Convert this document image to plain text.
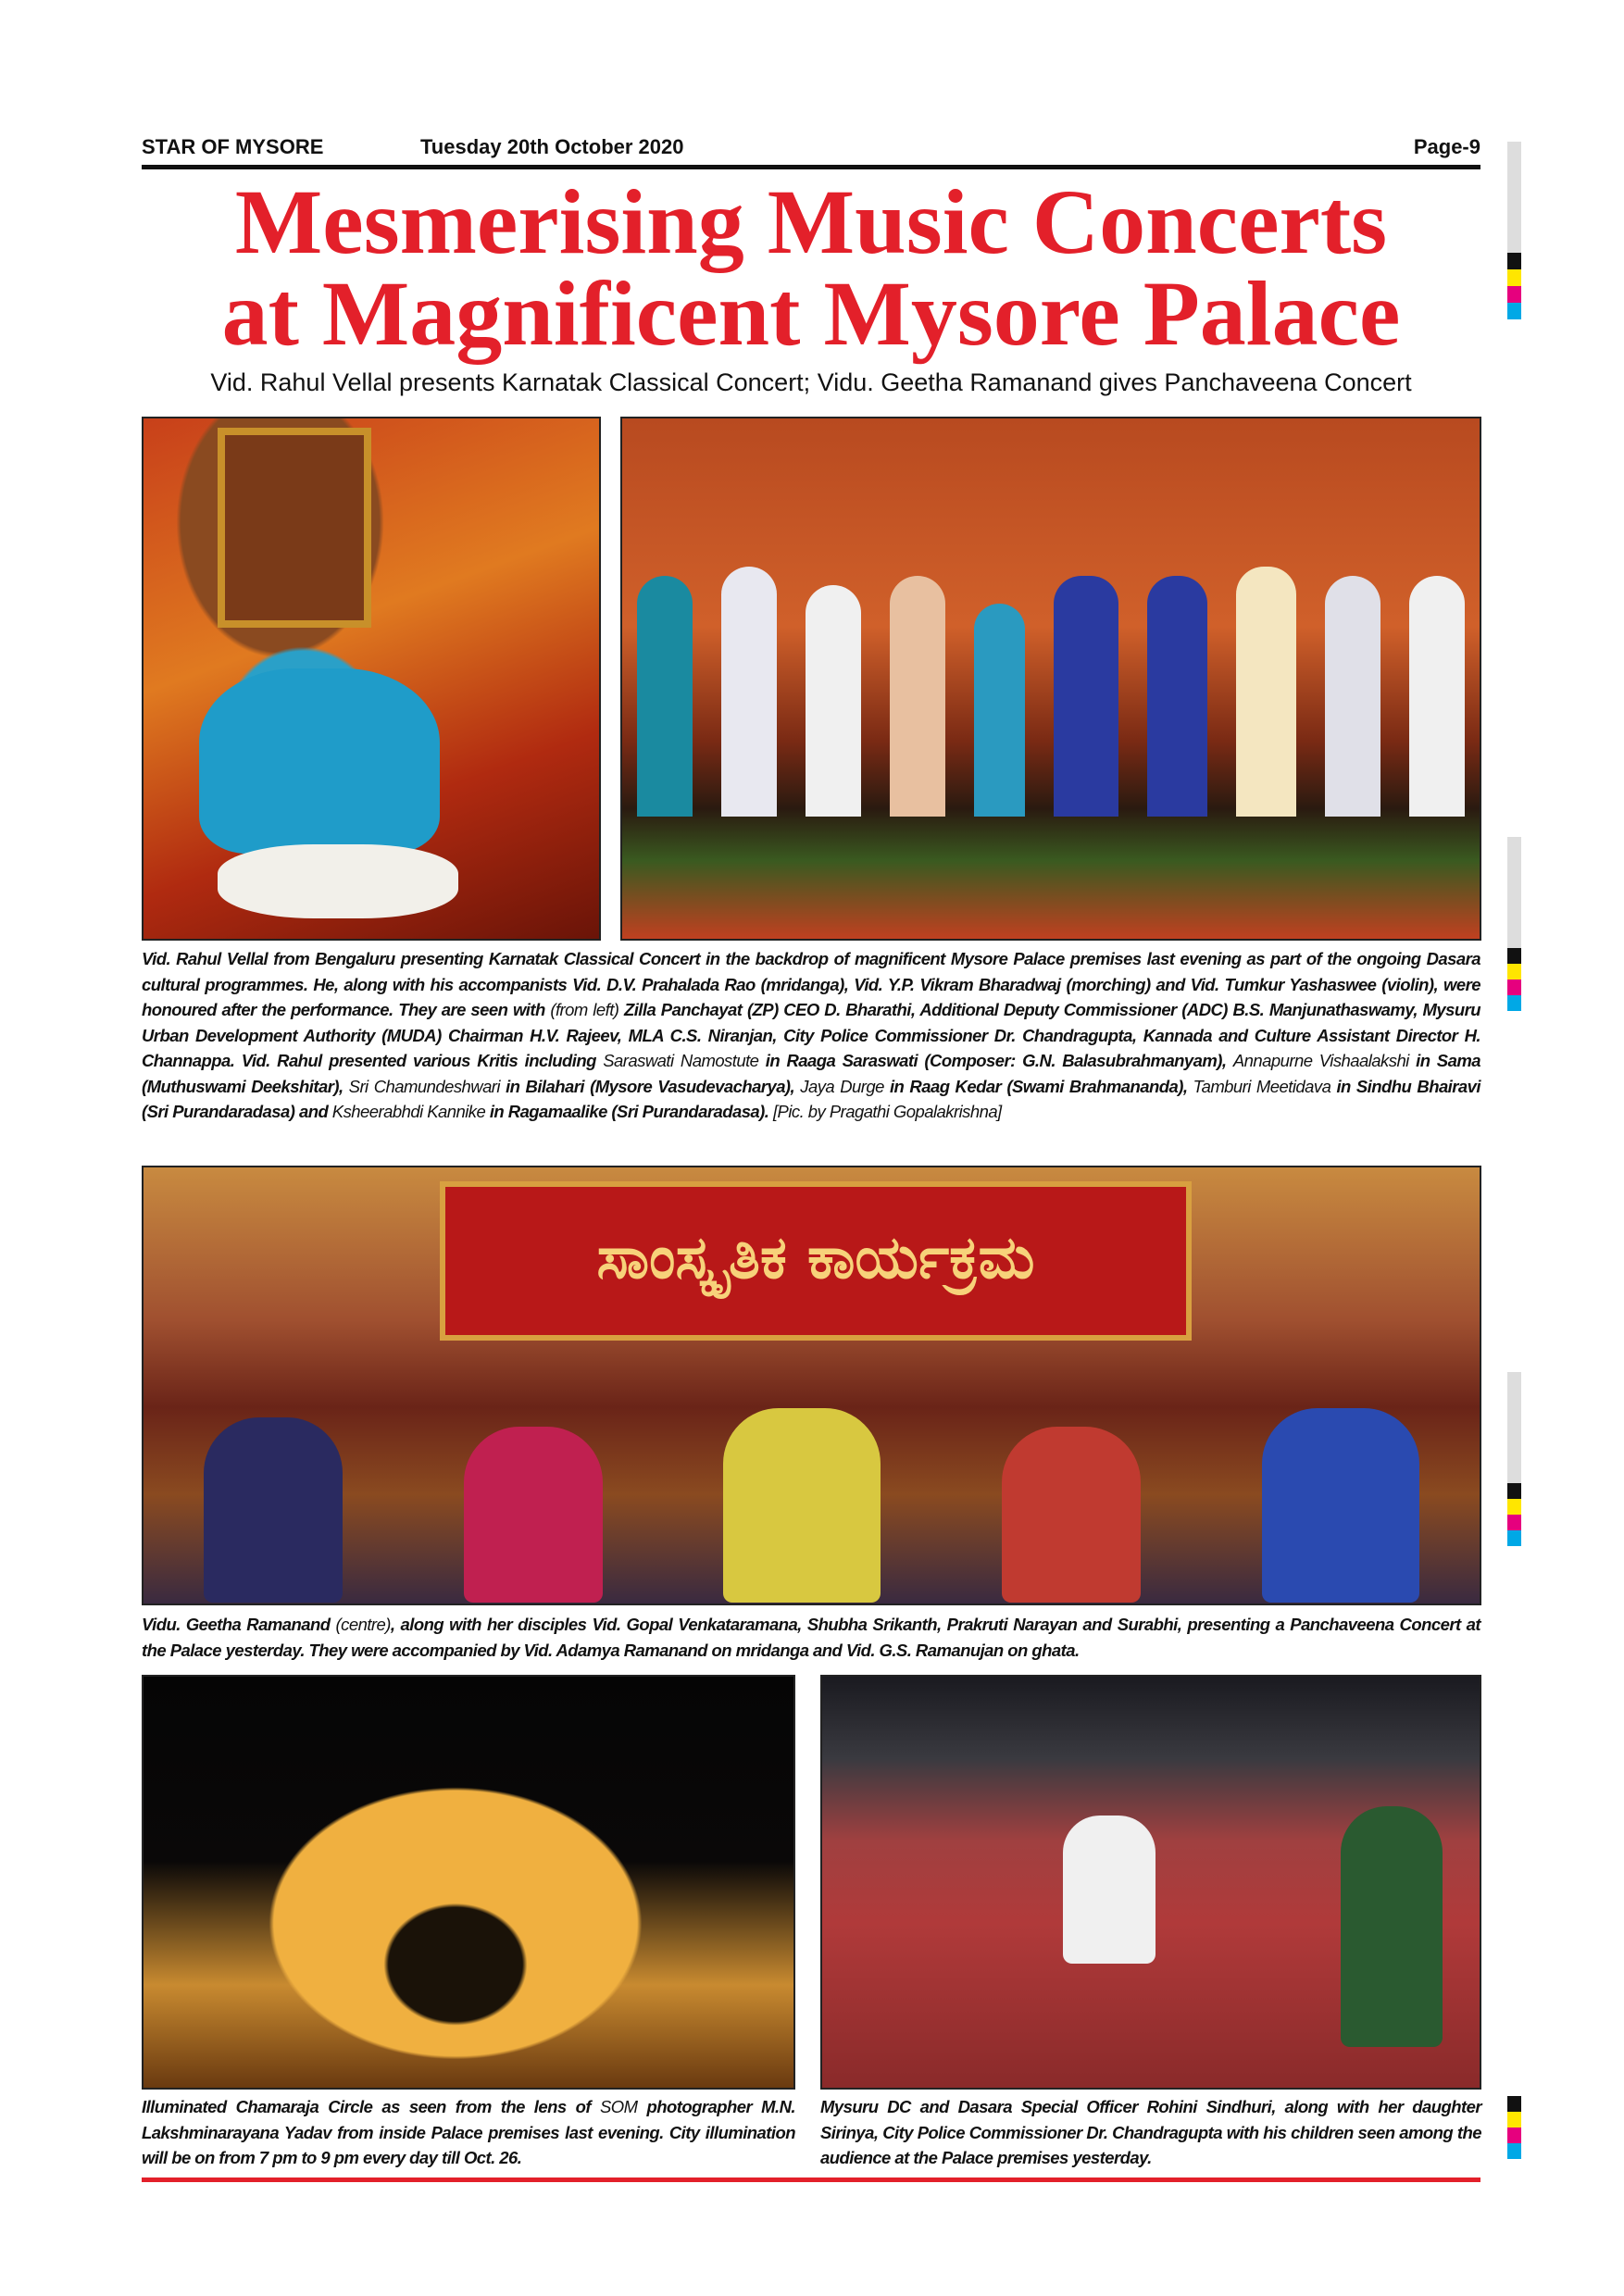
STAR OF MYSORE	Tuesday 20th October 2020	Page-9
Mesmerising Music Concerts
at Magnificent Mysore Palace
Vid. Rahul Vellal presents Karnatak Classical Concert; Vidu. Geetha Ramanand gives Panchaveena Concert
Vid. Rahul Vellal from Bengaluru presenting Karnatak Classical Concert in the backdrop of magnificent Mysore Palace premises last evening as part of the ongoing Dasara cultural programmes. He, along with his accompanists Vid. D.V. Prahalada Rao (mridanga), Vid. Y.P. Vikram Bharadwaj (morching) and Vid. Tumkur Yashaswee (violin), were honoured after the performance. They are seen with (from left) Zilla Panchayat (ZP) CEO D. Bharathi, Additional Deputy Commissioner (ADC) B.S. Manjunathaswamy, Mysuru Urban Development Authority (MUDA) Chairman H.V. Rajeev, MLA C.S. Niranjan, City Police Commissioner Dr. Chandragupta, Kannada and Culture Assistant Director H. Channappa. Vid. Rahul presented various Kritis including Saraswati Namostute in Raaga Saraswati (Composer: G.N. Balasubrahmanyam), Annapurne Vishaalakshi in Sama (Muthuswami Deekshitar), Sri Chamundeshwari in Bilahari (Mysore Vasudevacharya), Jaya Durge in Raag Kedar (Swami Brahmananda), Tamburi Meetidava in Sindhu Bhairavi (Sri Purandaradasa) and Ksheerabhdi Kannike in Ragamaalike (Sri Purandaradasa). [Pic. by Pragathi Gopalakrishna]
ಸಾಂಸ್ಕೃತಿಕ ಕಾರ್ಯಕ್ರಮ
Vidu. Geetha Ramanand (centre), along with her disciples Vid. Gopal Venkataramana, Shubha Srikanth, Prakruti Narayan and Surabhi, presenting a Panchaveena Concert at the Palace yesterday. They were accompanied by Vid. Adamya Ramanand on mridanga and Vid. G.S. Ramanujan on ghata.
Illuminated Chamaraja Circle as seen from the lens of SOM photographer M.N. Lakshminarayana Yadav from inside Palace premises last evening. City illumination will be on from 7 pm to 9 pm every day till Oct. 26.
Mysuru DC and Dasara Special Officer Rohini Sindhuri, along with her daughter Sirinya, City Police Commissioner Dr. Chandragupta with his children seen among the audience at the Palace premises yesterday.
